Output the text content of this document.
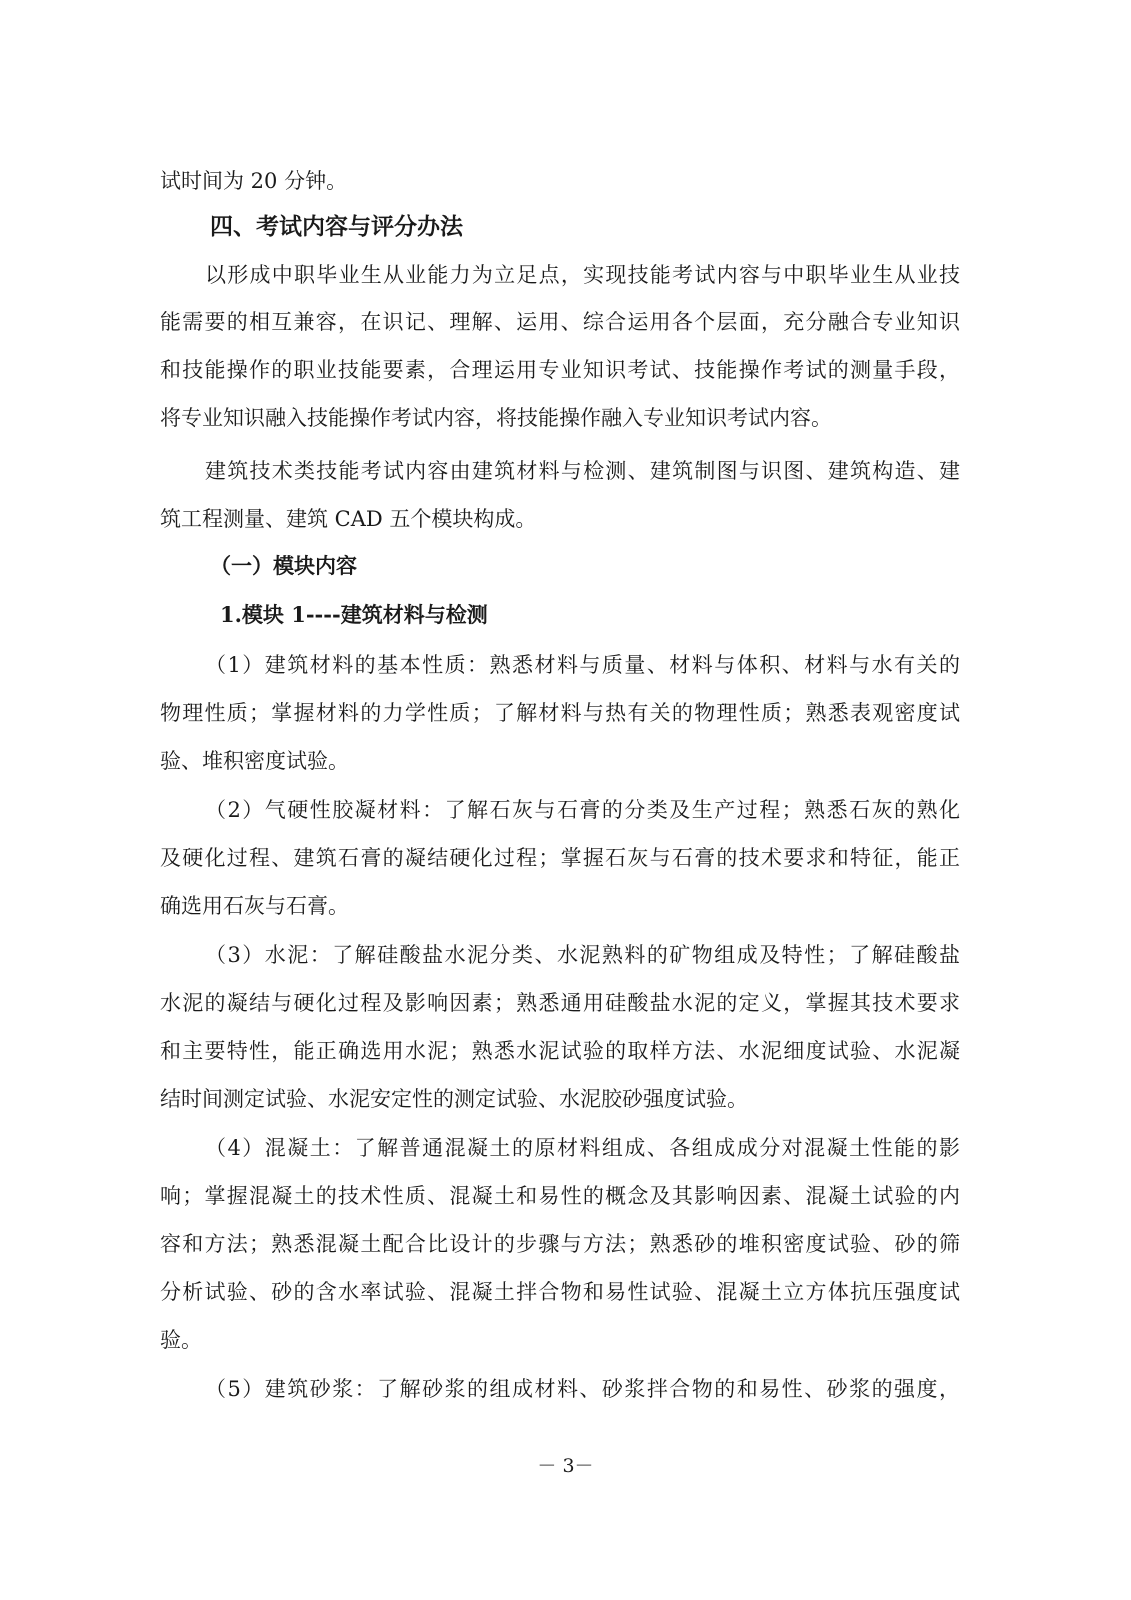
试时间为 20 分钟。

四、考试内容与评分办法

以形成中职毕业生从业能力为立足点，实现技能考试内容与中职毕业生从业技

能需要的相互兼容，在识记、理解、运用、综合运用各个层面，充分融合专业知识

和技能操作的职业技能要素，合理运用专业知识考试、技能操作考试的测量手段，

将专业知识融入技能操作考试内容，将技能操作融入专业知识考试内容。

建筑技术类技能考试内容由建筑材料与检测、建筑制图与识图、建筑构造、建

筑工程测量、建筑 CAD 五个模块构成。

（一）模块内容

1.模块 1----建筑材料与检测

（1）建筑材料的基本性质：熟悉材料与质量、材料与体积、材料与水有关的

物理性质；掌握材料的力学性质；了解材料与热有关的物理性质；熟悉表观密度试

验、堆积密度试验。

（2）气硬性胶凝材料：了解石灰与石膏的分类及生产过程；熟悉石灰的熟化

及硬化过程、建筑石膏的凝结硬化过程；掌握石灰与石膏的技术要求和特征，能正

确选用石灰与石膏。

（3）水泥：了解硅酸盐水泥分类、水泥熟料的矿物组成及特性；了解硅酸盐

水泥的凝结与硬化过程及影响因素；熟悉通用硅酸盐水泥的定义，掌握其技术要求

和主要特性，能正确选用水泥；熟悉水泥试验的取样方法、水泥细度试验、水泥凝

结时间测定试验、水泥安定性的测定试验、水泥胶砂强度试验。

（4）混凝土：了解普通混凝土的原材料组成、各组成成分对混凝土性能的影

响；掌握混凝土的技术性质、混凝土和易性的概念及其影响因素、混凝土试验的内

容和方法；熟悉混凝土配合比设计的步骤与方法；熟悉砂的堆积密度试验、砂的筛

分析试验、砂的含水率试验、混凝土拌合物和易性试验、混凝土立方体抗压强度试

验。

（5）建筑砂浆：了解砂浆的组成材料、砂浆拌合物的和易性、砂浆的强度，

－ 3－
